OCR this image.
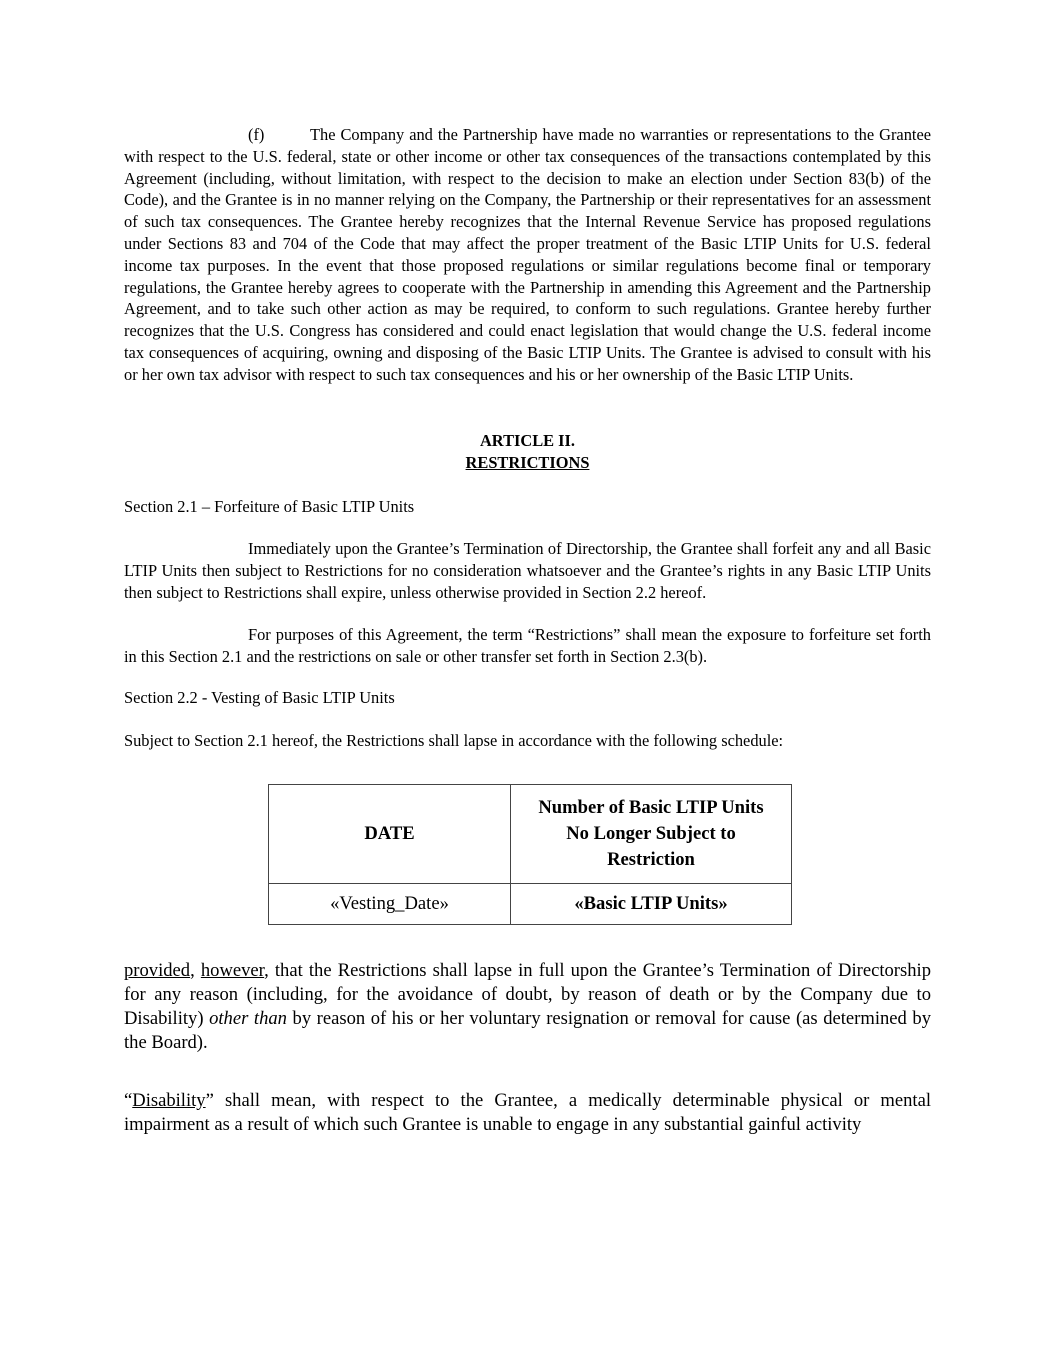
(f)	The Company and the Partnership have made no warranties or representations to the Grantee with respect to the U.S. federal, state or other income or other tax consequences of the transactions contemplated by this Agreement (including, without limitation, with respect to the decision to make an election under Section 83(b) of the Code), and the Grantee is in no manner relying on the Company, the Partnership or their representatives for an assessment of such tax consequences. The Grantee hereby recognizes that the Internal Revenue Service has proposed regulations under Sections 83 and 704 of the Code that may affect the proper treatment of the Basic LTIP Units for U.S. federal income tax purposes. In the event that those proposed regulations or similar regulations become final or temporary regulations, the Grantee hereby agrees to cooperate with the Partnership in amending this Agreement and the Partnership Agreement, and to take such other action as may be required, to conform to such regulations. Grantee hereby further recognizes that the U.S. Congress has considered and could enact legislation that would change the U.S. federal income tax consequences of acquiring, owning and disposing of the Basic LTIP Units. The Grantee is advised to consult with his or her own tax advisor with respect to such tax consequences and his or her ownership of the Basic LTIP Units.

ARTICLE II.
RESTRICTIONS

Section 2.1 – Forfeiture of Basic LTIP Units

Immediately upon the Grantee’s Termination of Directorship, the Grantee shall forfeit any and all Basic LTIP Units then subject to Restrictions for no consideration whatsoever and the Grantee’s rights in any Basic LTIP Units then subject to Restrictions shall expire, unless otherwise provided in Section 2.2 hereof.

For purposes of this Agreement, the term “Restrictions” shall mean the exposure to forfeiture set forth in this Section 2.1 and the restrictions on sale or other transfer set forth in Section 2.3(b).

Section 2.2 - Vesting of Basic LTIP Units

Subject to Section 2.1 hereof, the Restrictions shall lapse in accordance with the following schedule:

DATE	Number of Basic LTIP Units
No Longer Subject to
Restriction

«Vesting_Date»	«Basic LTIP Units»

provided, however, that the Restrictions shall lapse in full upon the Grantee’s Termination of Directorship for any reason (including, for the avoidance of doubt, by reason of death or by the Company due to Disability) other than by reason of his or her voluntary resignation or removal for cause (as determined by the Board).

“Disability” shall mean, with respect to the Grantee, a medically determinable physical or mental impairment as a result of which such Grantee is unable to engage in any substantial gainful activity
